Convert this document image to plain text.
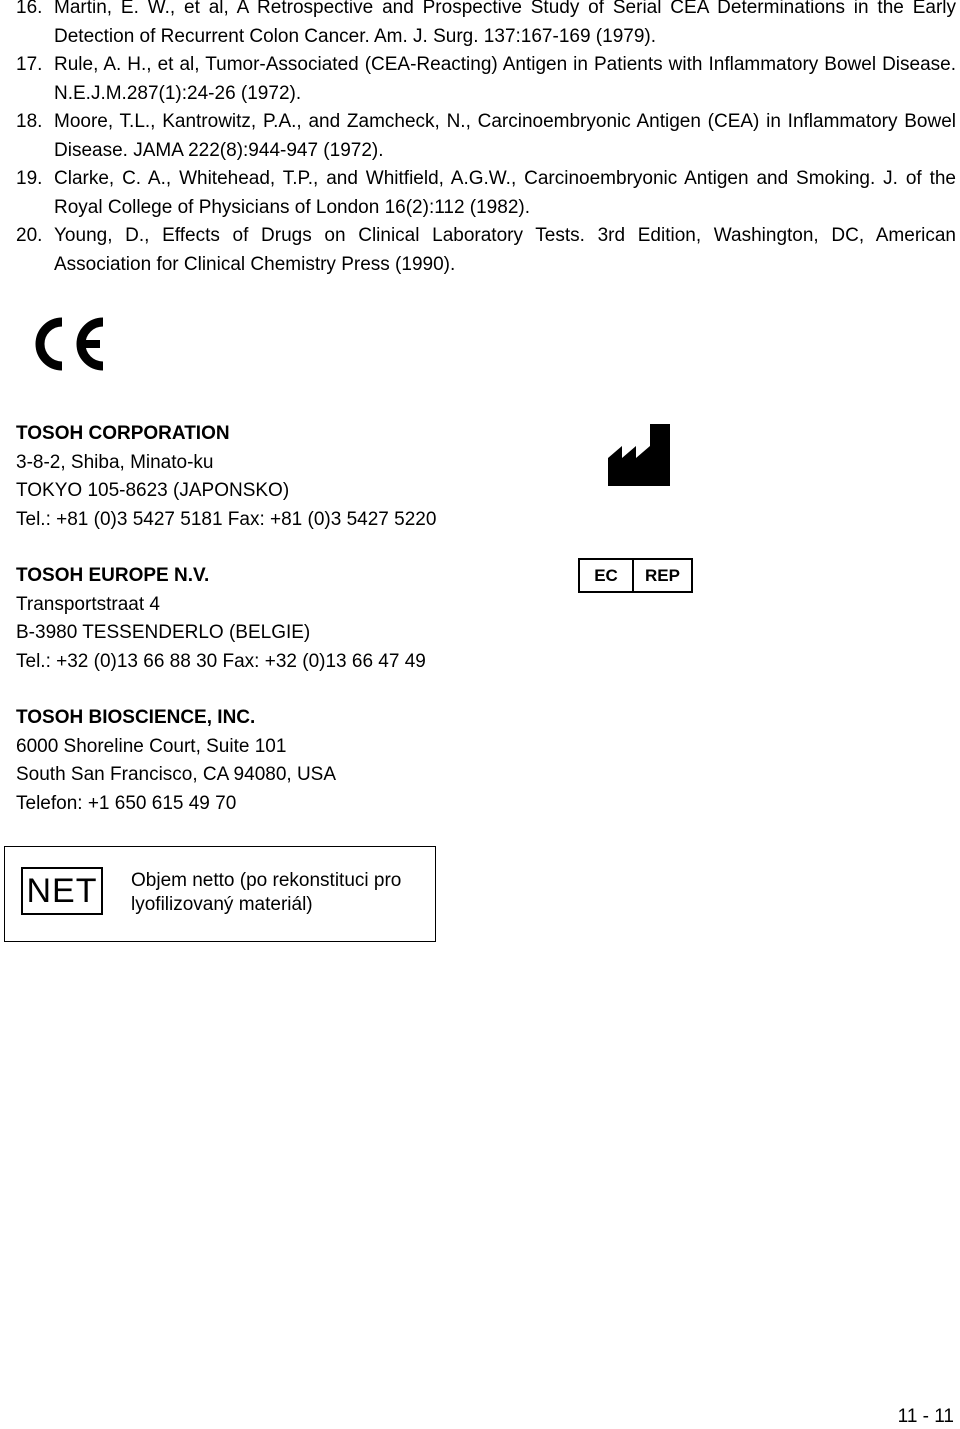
16. Martin, E. W., et al, A Retrospective and Prospective Study of Serial CEA Determinations in the Early Detection of Recurrent Colon Cancer. Am. J. Surg. 137:167-169 (1979).
17. Rule, A. H., et al, Tumor-Associated (CEA-Reacting) Antigen in Patients with Inflammatory Bowel Disease. N.E.J.M.287(1):24-26 (1972).
18. Moore, T.L., Kantrowitz, P.A., and Zamcheck, N., Carcinoembryonic Antigen (CEA) in Inflammatory Bowel Disease. JAMA 222(8):944-947 (1972).
19. Clarke, C. A., Whitehead, T.P., and Whitfield, A.G.W., Carcinoembryonic Antigen and Smoking. J. of the Royal College of Physicians of London 16(2):112 (1982).
20. Young, D., Effects of Drugs on Clinical Laboratory Tests. 3rd Edition, Washington, DC, American Association for Clinical Chemistry Press (1990).
TOSOH CORPORATION
3-8-2, Shiba, Minato-ku
TOKYO 105-8623 (JAPONSKO)
Tel.: +81 (0)3 5427 5181 Fax: +81 (0)3 5427 5220
TOSOH EUROPE N.V.
Transportstraat 4
B-3980 TESSENDERLO (BELGIE)
Tel.: +32 (0)13 66 88 30 Fax: +32 (0)13 66 47 49
EC	REP
TOSOH BIOSCIENCE, INC.
6000 Shoreline Court, Suite 101
South San Francisco, CA 94080, USA
Telefon: +1 650 615 49 70
NET Objem netto (po rekonstituci pro lyofilizovaný materiál)
11 - 11
